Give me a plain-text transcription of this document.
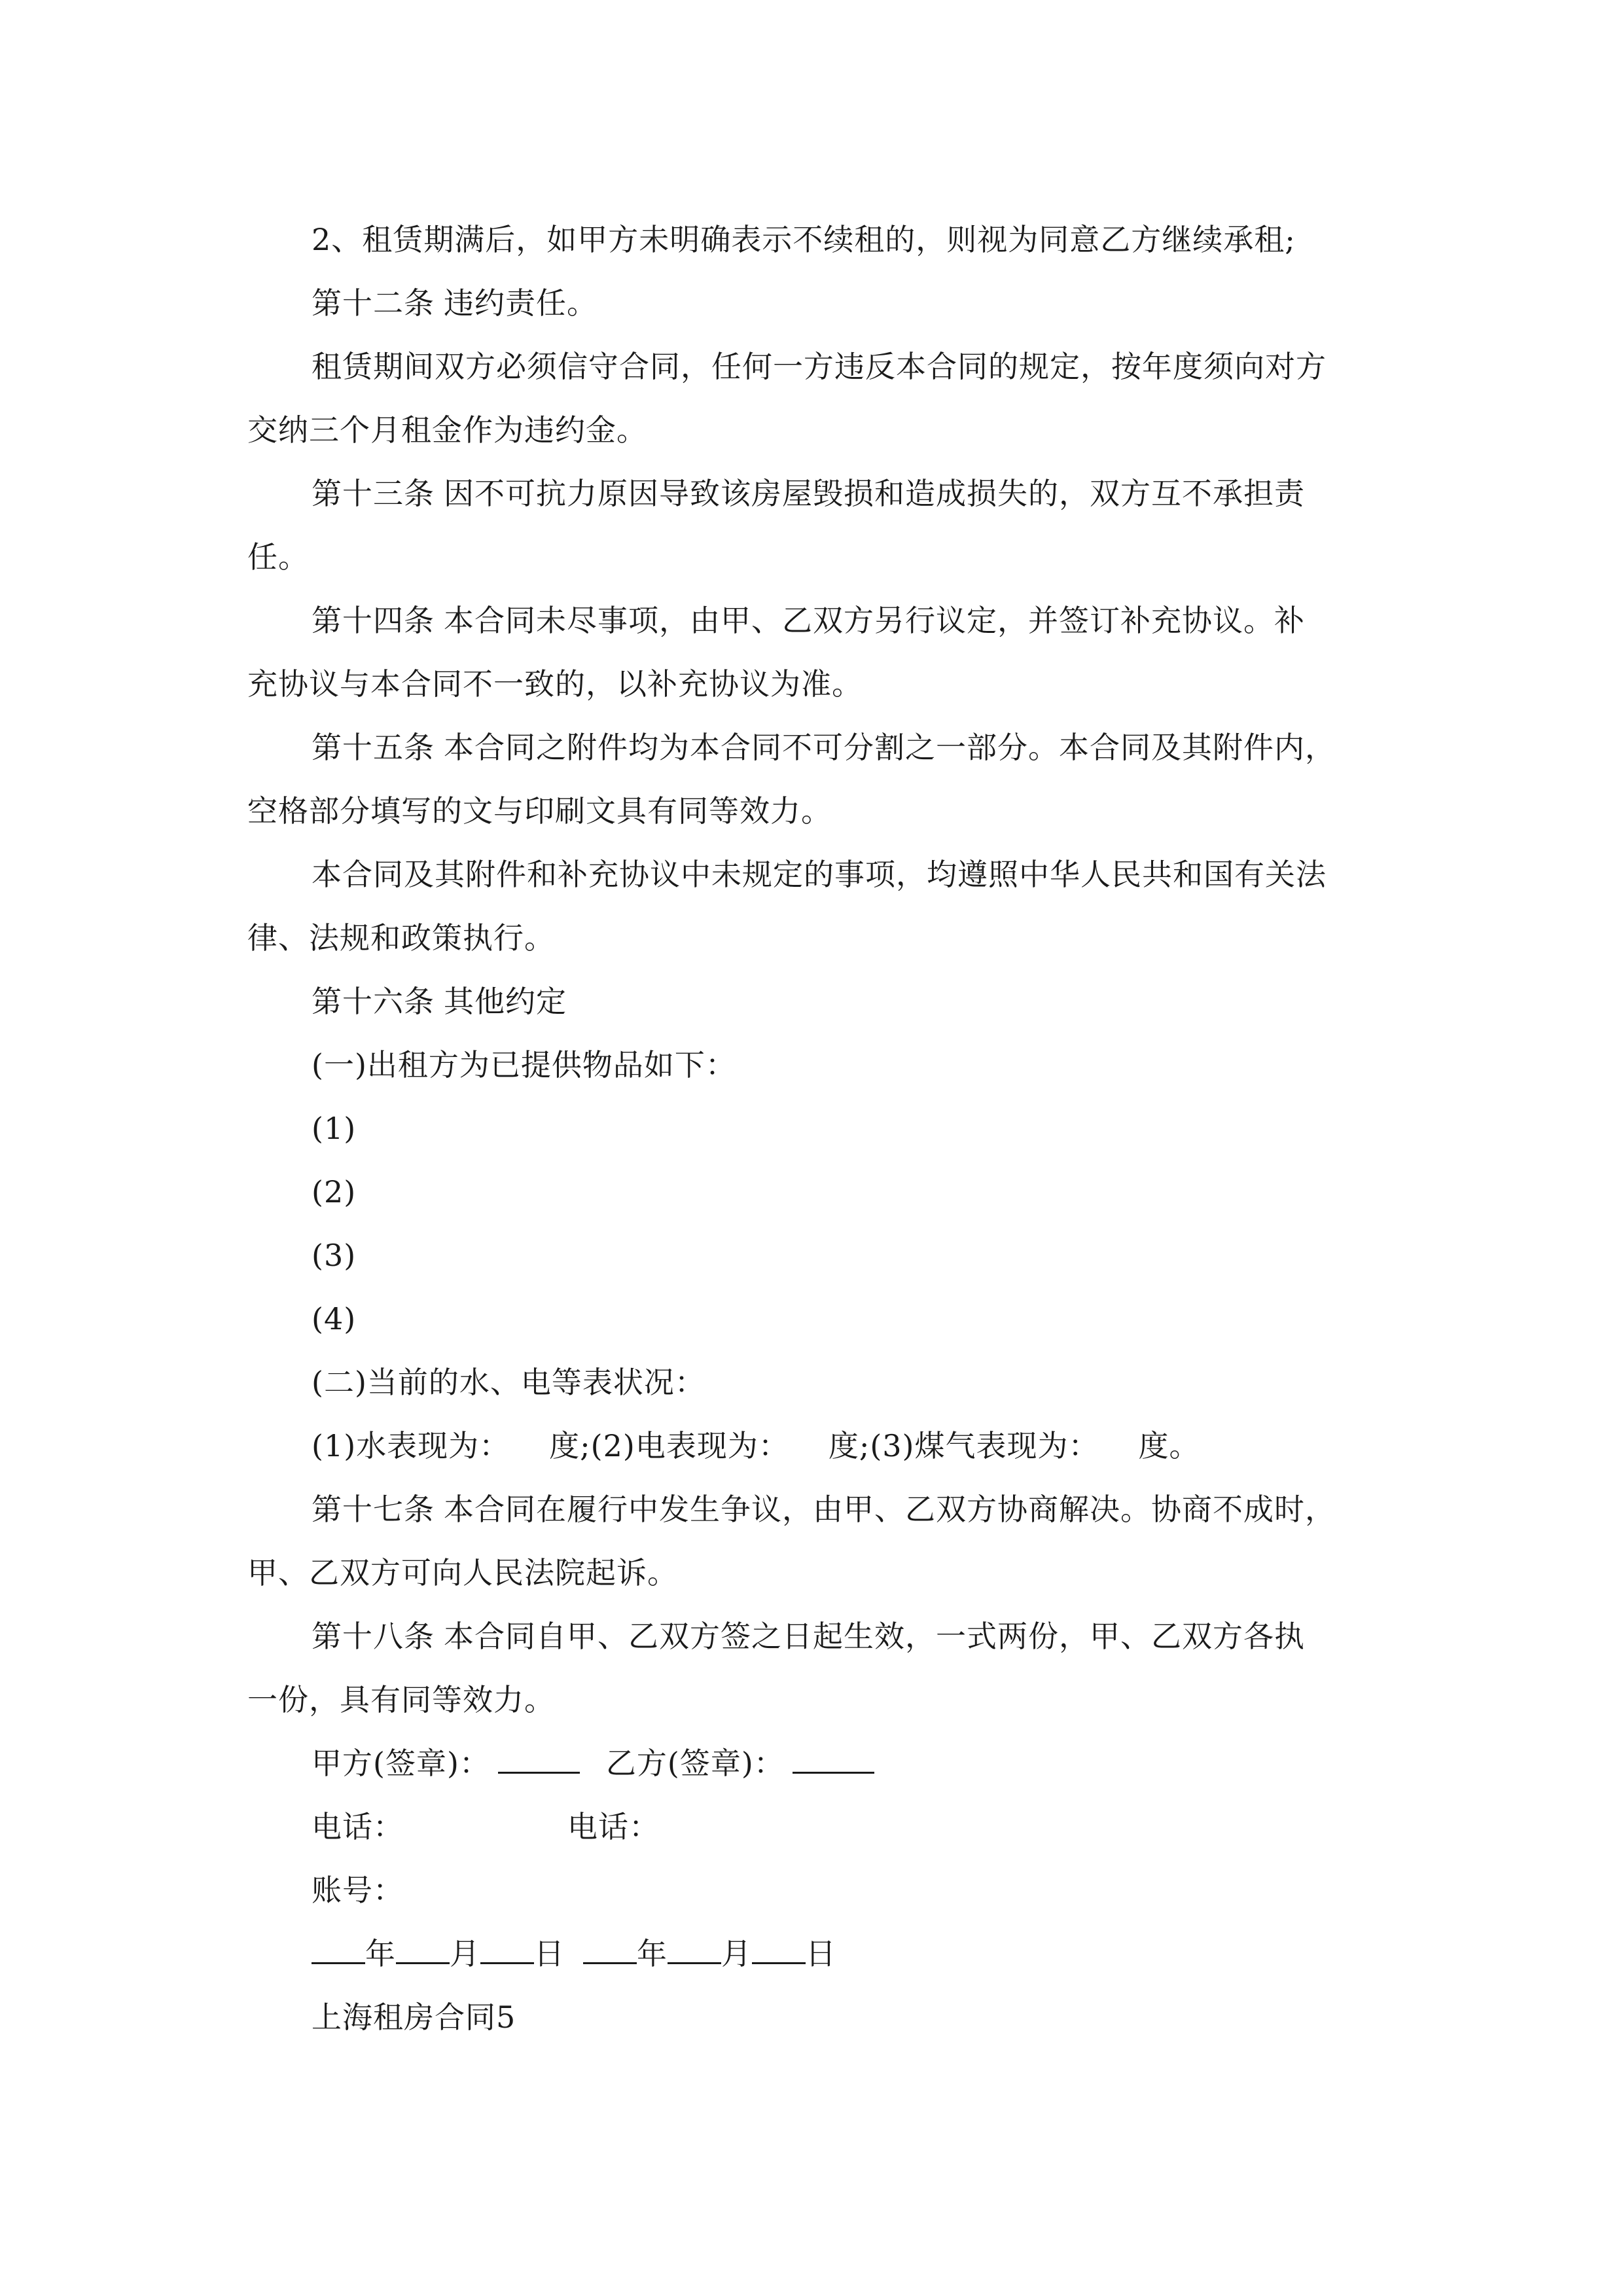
2、租赁期满后，如甲方未明确表示不续租的，则视为同意乙方继续承租;
第十二条 违约责任。
租赁期间双方必须信守合同，任何一方违反本合同的规定，按年度须向对方
交纳三个月租金作为违约金。
第十三条 因不可抗力原因导致该房屋毁损和造成损失的，双方互不承担责
任。
第十四条 本合同未尽事项，由甲、乙双方另行议定，并签订补充协议。补
充协议与本合同不一致的，以补充协议为准。
第十五条 本合同之附件均为本合同不可分割之一部分。本合同及其附件内，
空格部分填写的文与印刷文具有同等效力。
本合同及其附件和补充协议中未规定的事项，均遵照中华人民共和国有关法
律、法规和政策执行。
第十六条 其他约定
(一)出租方为已提供物品如下：
(1)
(2)
(3)
(4)
(二)当前的水、电等表状况：
(1)水表现为： 度;(2)电表现为： 度;(3)煤气表现为： 度。
第十七条 本合同在履行中发生争议，由甲、乙双方协商解决。协商不成时，
甲、乙双方可向人民法院起诉。
第十八条 本合同自甲、乙双方签之日起生效，一式两份，甲、乙双方各执
一份，具有同等效力。
甲方(签章)：	乙方(签章)：
电话：	电话：
账号：
年 月 日 年 月 日
上海租房合同5
